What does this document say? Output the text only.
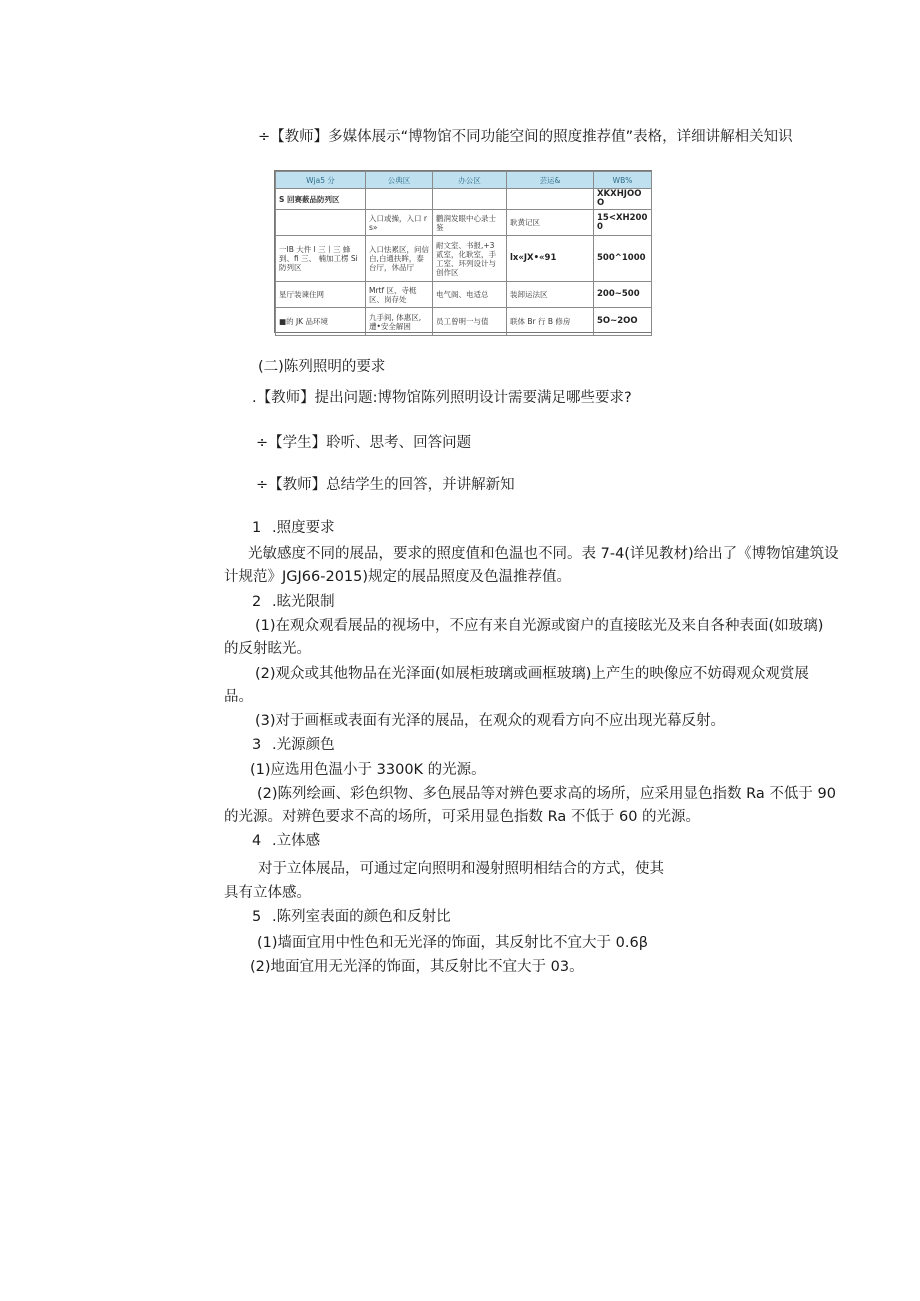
÷【教师】多媒体展示“博物馆不同功能空间的照度推荐值”表格，详细讲解相关知识
Wja5 分	公典区	办公区	芸运&	WB%
S 回赛薮品防列区				XKXHJOOO
	入口或操，入口 rs»	鹳润发眼中心录士鉴	耿黄记区	15<XH2000
一IB 大件 l 三丨三 蜂到、fi 三、 楠加工楞 Si 防列区	入口怯累区，问信白,白通扶眸，泰台厅，休品厅	耐文室、书报,+3 贰室，化耿室，手工室、环列设计与创作区	lx«JX•«91	500^1000
星厅装谏住网	Mrtf 区、寺梃区、岗存处	电气阁、电适总	装卸运法区	200~500
■的 JK 品环境	九手间, 体惠区, 遭•安全解困	员工曾明一与值	联体 Br 行 B 修房	5O~2OO
(二)陈列照明的要求
.【教师】提出问题:博物馆陈列照明设计需要满足哪些要求?
÷【学生】聆听、思考、回答问题
÷【教师】总结学生的回答，并讲解新知
1 .照度要求
光敏感度不同的展品，要求的照度值和色温也不同。表 7-4(详见教材)给出了《博物馆建筑设
计规范》JGJ66-2015)规定的展品照度及色温推荐值。
2 .眩光限制
(1)在观众观看展品的视场中，不应有来自光源或窗户的直接眩光及来自各种表面(如玻璃)
的反射眩光。
(2)观众或其他物品在光泽面(如展柜玻璃或画框玻璃)上产生的映像应不妨碍观众观赏展
品。
(3)对于画框或表面有光泽的展品，在观众的观看方向不应出现光幕反射。
3 .光源颜色
(1)应选用色温小于 3300K 的光源。
(2)陈列绘画、彩色织物、多色展品等对辨色要求高的场所，应采用显色指数 Ra 不低于 90
的光源。对辨色要求不高的场所，可采用显色指数 Ra 不低于 60 的光源。
4 .立体感
对于立体展品，可通过定向照明和漫射照明相结合的方式，使其
具有立体感。
5 .陈列室表面的颜色和反射比
(1)墙面宜用中性色和无光泽的饰面，其反射比不宜大于 0.6β
(2)地面宜用无光泽的饰面，其反射比不宜大于 03。
